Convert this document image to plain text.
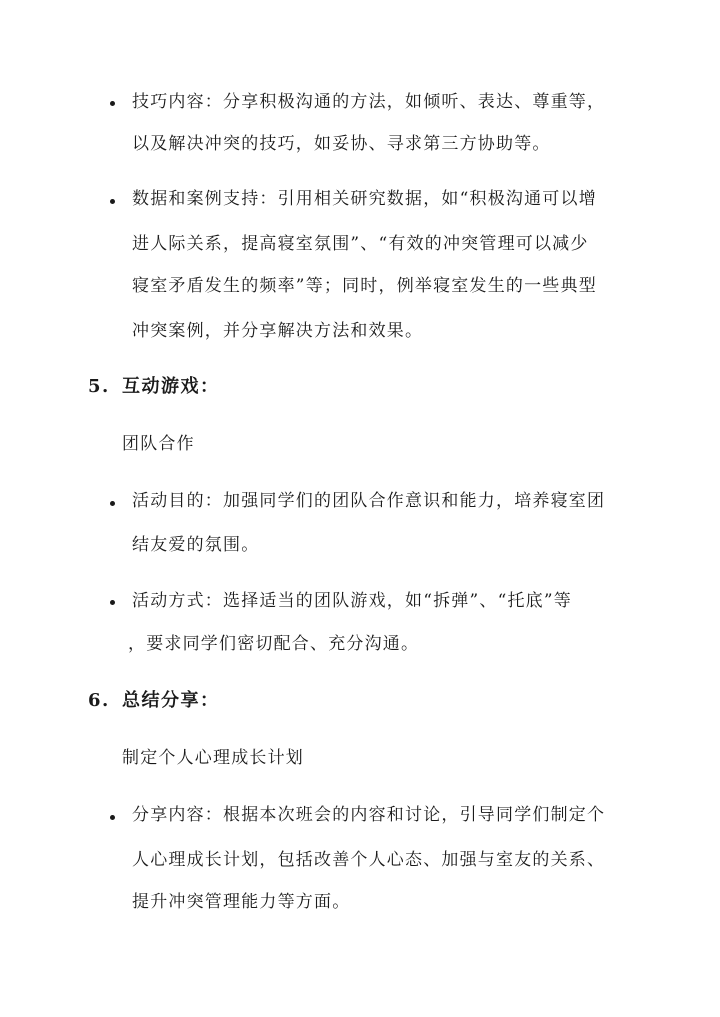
技巧内容：分享积极沟通的方法，如倾听、表达、尊重等，
以及解决冲突的技巧，如妥协、寻求第三方协助等。
数据和案例支持：引用相关研究数据，如“积极沟通可以增
进人际关系，提高寝室氛围”、“有效的冲突管理可以减少
寝室矛盾发生的频率”等；同时，例举寝室发生的一些典型
冲突案例，并分享解决方法和效果。
5. 互动游戏：
团队合作
活动目的：加强同学们的团队合作意识和能力，培养寝室团
结友爱的氛围。
活动方式：选择适当的团队游戏，如“拆弹”、“托底”等
，要求同学们密切配合、充分沟通。
6. 总结分享：
制定个人心理成长计划
分享内容：根据本次班会的内容和讨论，引导同学们制定个
人心理成长计划，包括改善个人心态、加强与室友的关系、
提升冲突管理能力等方面。
